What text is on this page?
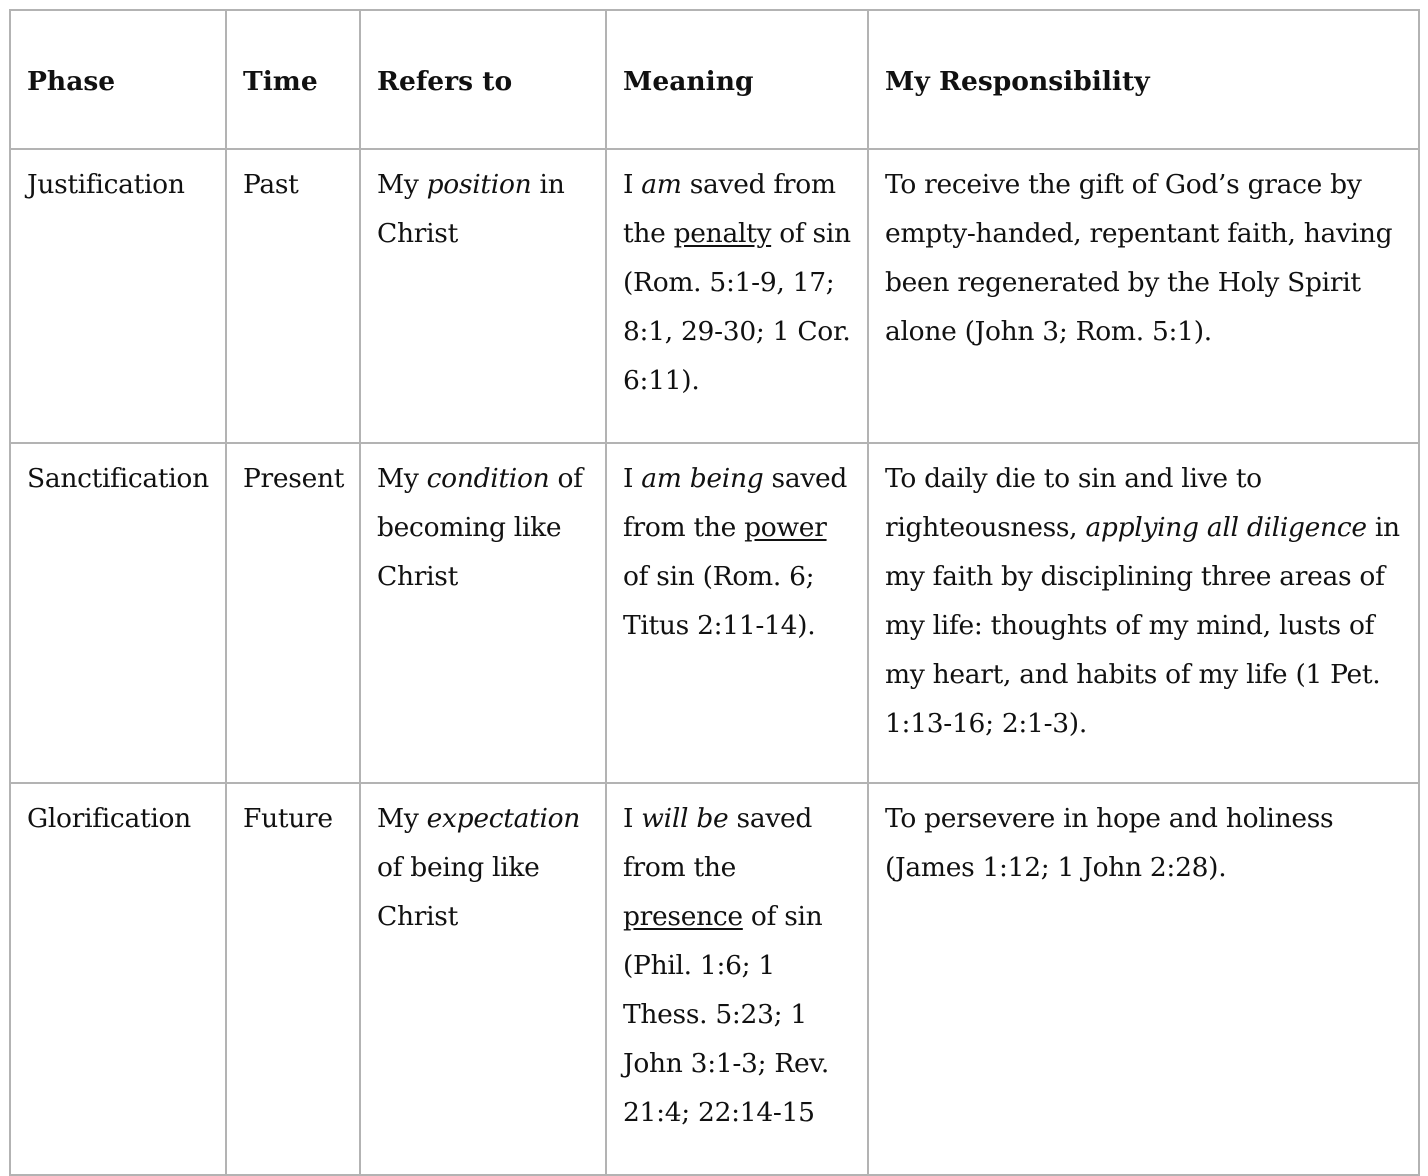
Phase	Time	Refers to	Meaning	My Responsibility
Justification	Past	My position in Christ	I am saved from the penalty of sin (Rom. 5:1-9, 17; 8:1, 29-30; 1 Cor. 6:11).	To receive the gift of God’s grace by empty-handed, repentant faith, having been regenerated by the Holy Spirit alone (John 3; Rom. 5:1).
Sanctification	Present	My condition of becoming like Christ	I am being saved from the power of sin (Rom. 6; Titus 2:11-14).	To daily die to sin and live to righteousness, applying all diligence in my faith by disciplining three areas of my life: thoughts of my mind, lusts of my heart, and habits of my life (1 Pet. 1:13-16; 2:1-3).
Glorification	Future	My expectation of being like Christ	I will be saved from the presence of sin (Phil. 1:6; 1 Thess. 5:23; 1 John 3:1-3; Rev. 21:4; 22:14-15	To persevere in hope and holiness (James 1:12; 1 John 2:28).
